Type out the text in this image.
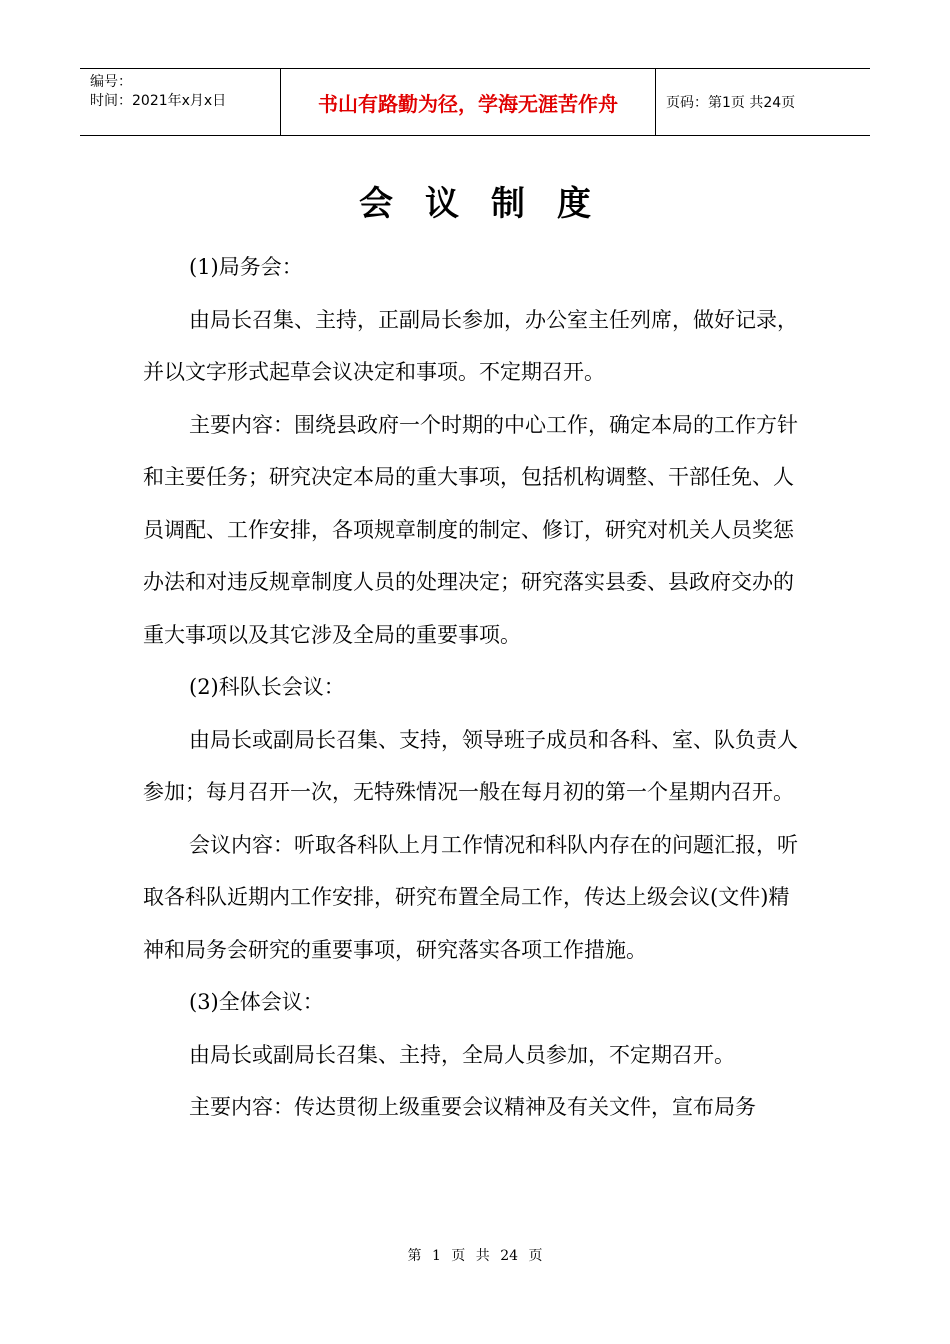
编号：
时间：2021年x月x日	书山有路勤为径，学海无涯苦作舟	页码：第1页 共24页
会议制度

(1)局务会：

由局长召集、主持，正副局长参加，办公室主任列席，做好记录，并以文字形式起草会议决定和事项。不定期召开。

主要内容：围绕县政府一个时期的中心工作，确定本局的工作方针和主要任务；研究决定本局的重大事项，包括机构调整、干部任免、人员调配、工作安排，各项规章制度的制定、修订，研究对机关人员奖惩办法和对违反规章制度人员的处理决定；研究落实县委、县政府交办的重大事项以及其它涉及全局的重要事项。

(2)科队长会议：

由局长或副局长召集、支持，领导班子成员和各科、室、队负责人参加；每月召开一次，无特殊情况一般在每月初的第一个星期内召开。

会议内容：听取各科队上月工作情况和科队内存在的问题汇报，听取各科队近期内工作安排，研究布置全局工作，传达上级会议(文件)精神和局务会研究的重要事项，研究落实各项工作措施。

(3)全体会议：

由局长或副局长召集、主持，全局人员参加，不定期召开。

主要内容：传达贯彻上级重要会议精神及有关文件，宣布局务

第 1 页 共 24 页
